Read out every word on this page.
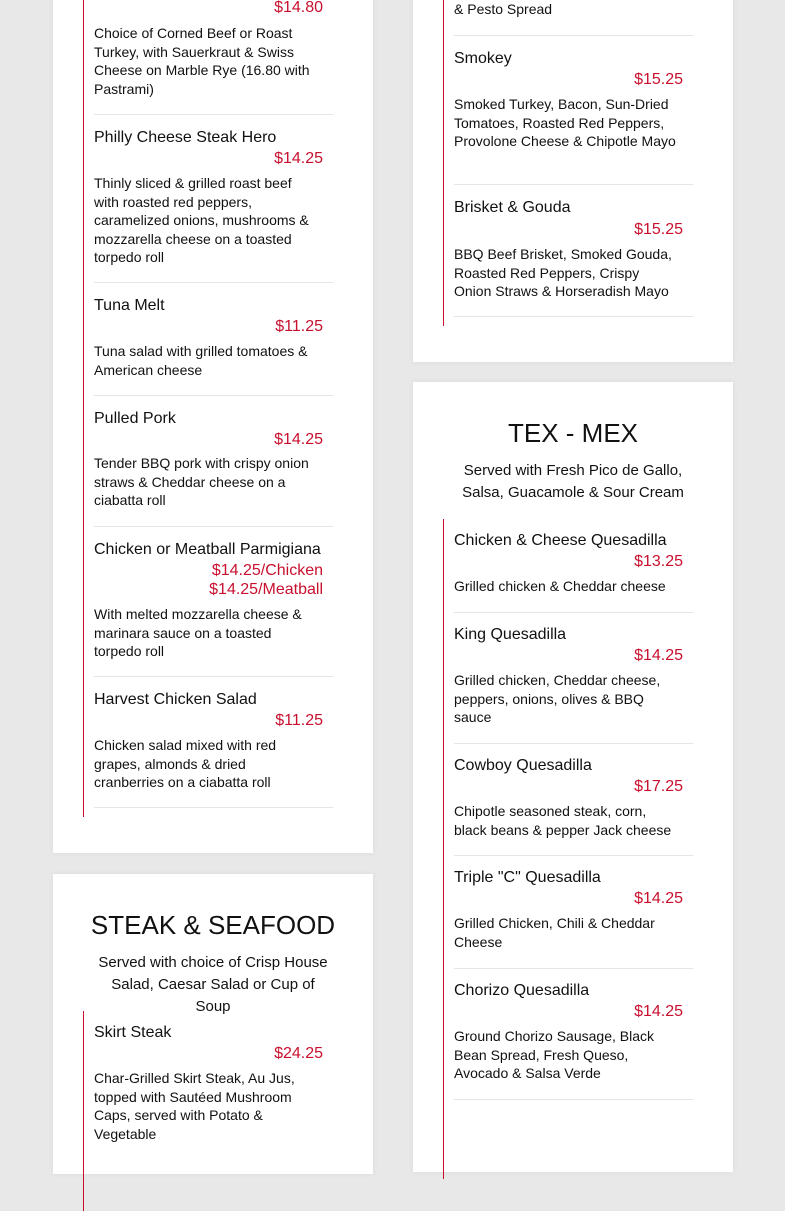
$14.80
Choice of Corned Beef or Roast Turkey, with Sauerkraut & Swiss Cheese on Marble Rye (16.80 with Pastrami)
Philly Cheese Steak Hero
$14.25
Thinly sliced & grilled roast beef with roasted red peppers, caramelized onions, mushrooms & mozzarella cheese on a toasted torpedo roll
Tuna Melt
$11.25
Tuna salad with grilled tomatoes & American cheese
Pulled Pork
$14.25
Tender BBQ pork with crispy onion straws & Cheddar cheese on a ciabatta roll
Chicken or Meatball Parmigiana
$14.25/Chicken
$14.25/Meatball
With melted mozzarella cheese & marinara sauce on a toasted torpedo roll
Harvest Chicken Salad
$11.25
Chicken salad mixed with red grapes, almonds & dried cranberries on a ciabatta roll
STEAK & SEAFOOD
Served with choice of Crisp House Salad, Caesar Salad or Cup of Soup
Skirt Steak
$24.25
Char-Grilled Skirt Steak, Au Jus, topped with Sautéed Mushroom Caps, served with Potato & Vegetable
& Pesto Spread
Smokey
$15.25
Smoked Turkey, Bacon, Sun-Dried Tomatoes, Roasted Red Peppers, Provolone Cheese & Chipotle Mayo
Brisket & Gouda
$15.25
BBQ Beef Brisket, Smoked Gouda, Roasted Red Peppers, Crispy Onion Straws & Horseradish Mayo
TEX - MEX
Served with Fresh Pico de Gallo, Salsa, Guacamole & Sour Cream
Chicken & Cheese Quesadilla
$13.25
Grilled chicken & Cheddar cheese
King Quesadilla
$14.25
Grilled chicken, Cheddar cheese, peppers, onions, olives & BBQ sauce
Cowboy Quesadilla
$17.25
Chipotle seasoned steak, corn, black beans & pepper Jack cheese
Triple "C" Quesadilla
$14.25
Grilled Chicken, Chili & Cheddar Cheese
Chorizo Quesadilla
$14.25
Ground Chorizo Sausage, Black Bean Spread, Fresh Queso, Avocado & Salsa Verde
